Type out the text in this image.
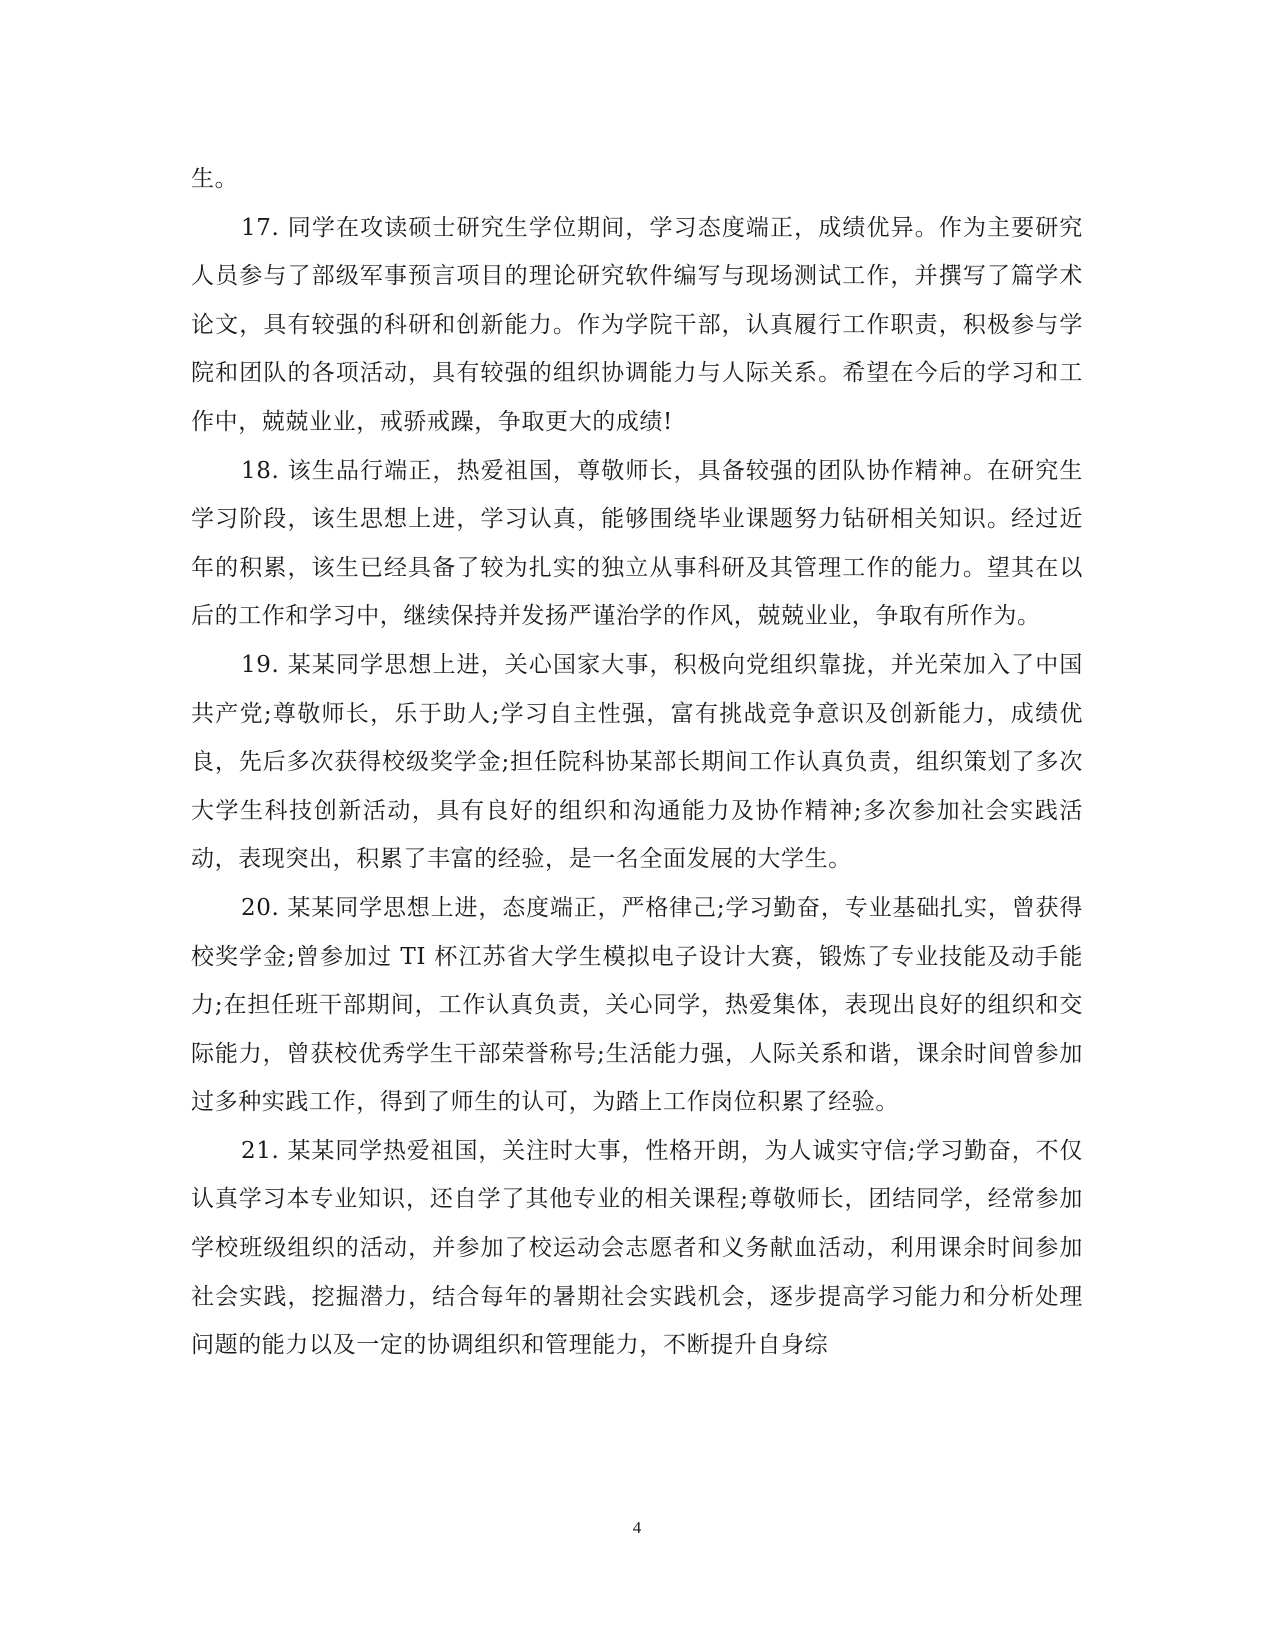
生。

17. 同学在攻读硕士研究生学位期间，学习态度端正，成绩优异。作为主要研究人员参与了部级军事预言项目的理论研究软件编写与现场测试工作，并撰写了篇学术论文，具有较强的科研和创新能力。作为学院干部，认真履行工作职责，积极参与学院和团队的各项活动，具有较强的组织协调能力与人际关系。希望在今后的学习和工作中，兢兢业业，戒骄戒躁，争取更大的成绩!

18. 该生品行端正，热爱祖国，尊敬师长，具备较强的团队协作精神。在研究生学习阶段，该生思想上进，学习认真，能够围绕毕业课题努力钻研相关知识。经过近年的积累，该生已经具备了较为扎实的独立从事科研及其管理工作的能力。望其在以后的工作和学习中，继续保持并发扬严谨治学的作风，兢兢业业，争取有所作为。

19. 某某同学思想上进，关心国家大事，积极向党组织靠拢，并光荣加入了中国共产党;尊敬师长，乐于助人;学习自主性强，富有挑战竞争意识及创新能力，成绩优良，先后多次获得校级奖学金;担任院科协某部长期间工作认真负责，组织策划了多次大学生科技创新活动，具有良好的组织和沟通能力及协作精神;多次参加社会实践活动，表现突出，积累了丰富的经验，是一名全面发展的大学生。

20. 某某同学思想上进，态度端正，严格律己;学习勤奋，专业基础扎实，曾获得校奖学金;曾参加过 TI 杯江苏省大学生模拟电子设计大赛，锻炼了专业技能及动手能力;在担任班干部期间，工作认真负责，关心同学，热爱集体，表现出良好的组织和交际能力，曾获校优秀学生干部荣誉称号;生活能力强，人际关系和谐，课余时间曾参加过多种实践工作，得到了师生的认可，为踏上工作岗位积累了经验。

21. 某某同学热爱祖国，关注时大事，性格开朗，为人诚实守信;学习勤奋，不仅认真学习本专业知识，还自学了其他专业的相关课程;尊敬师长，团结同学，经常参加学校班级组织的活动，并参加了校运动会志愿者和义务献血活动，利用课余时间参加社会实践，挖掘潜力，结合每年的暑期社会实践机会，逐步提高学习能力和分析处理问题的能力以及一定的协调组织和管理能力，不断提升自身综

4
